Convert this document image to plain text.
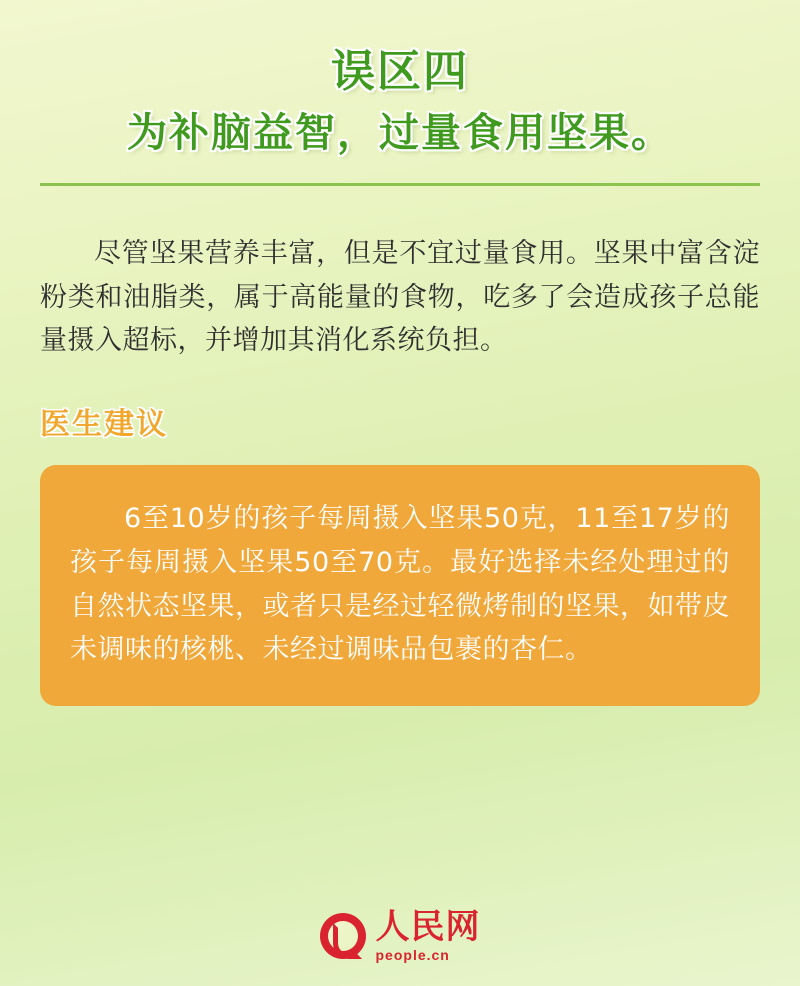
误区四
为补脑益智，过量食用坚果。
尽管坚果营养丰富，但是不宜过量食用。坚果中富含淀粉类和油脂类，属于高能量的食物，吃多了会造成孩子总能量摄入超标，并增加其消化系统负担。
医生建议
6至10岁的孩子每周摄入坚果50克，11至17岁的孩子每周摄入坚果50至70克。最好选择未经处理过的自然状态坚果，或者只是经过轻微烤制的坚果，如带皮未调味的核桃、未经过调味品包裹的杏仁。
人民网
people.cn
